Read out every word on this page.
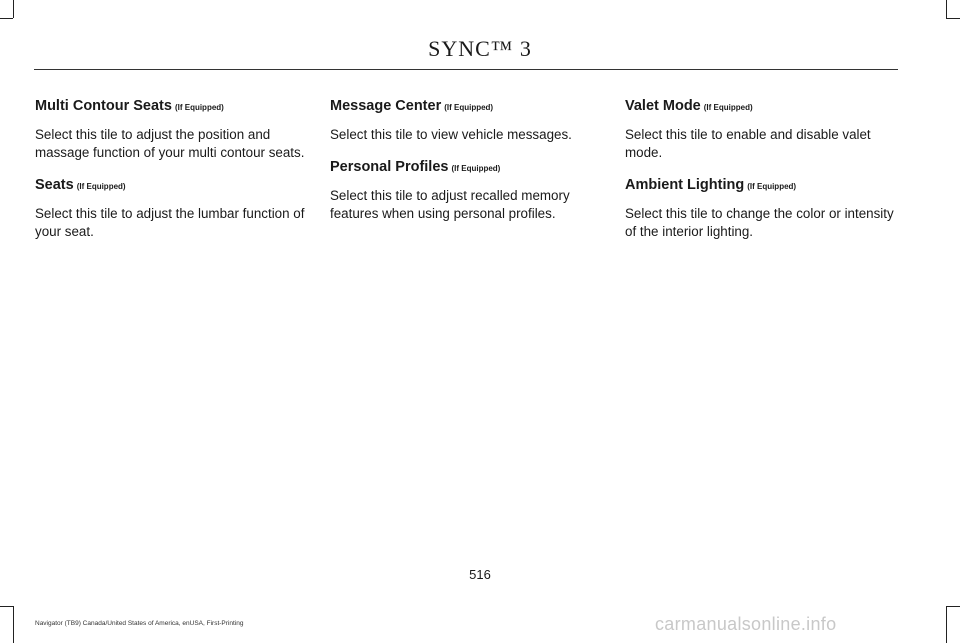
SYNC™ 3
Multi Contour Seats (If Equipped)
Select this tile to adjust the position and massage function of your multi contour seats.
Seats (If Equipped)
Select this tile to adjust the lumbar function of your seat.
Message Center (If Equipped)
Select this tile to view vehicle messages.
Personal Profiles (If Equipped)
Select this tile to adjust recalled memory features when using personal profiles.
Valet Mode (If Equipped)
Select this tile to enable and disable valet mode.
Ambient Lighting (If Equipped)
Select this tile to change the color or intensity of the interior lighting.
516
Navigator (TB9) Canada/United States of America, enUSA, First-Printing	carmanualsonline.info
